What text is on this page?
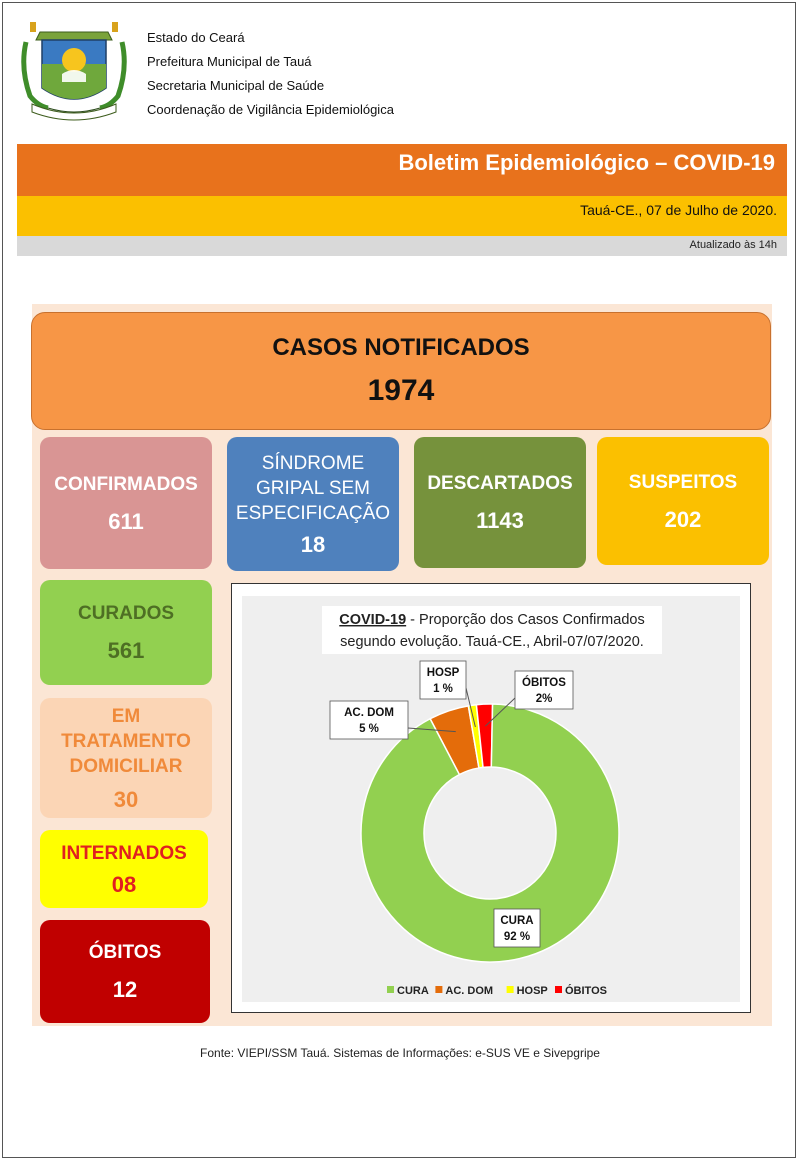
Estado do Ceará
Prefeitura Municipal de Tauá
Secretaria Municipal de Saúde
Coordenação de Vigilância Epidemiológica
Boletim Epidemiológico – COVID-19
Tauá-CE., 07 de Julho de 2020.
Atualizado às 14h
CASOS NOTIFICADOS
1974
CONFIRMADOS
611
SÍNDROME GRIPAL SEM ESPECIFICAÇÃO
18
DESCARTADOS
1143
SUSPEITOS
202
CURADOS
561
EM TRATAMENTO DOMICILIAR
30
INTERNADOS
08
ÓBITOS
12
COVID-19 - Proporção dos Casos Confirmados
segundo evolução. Tauá-CE., Abril-07/07/2020.
CURA
92 %
AC. DOM
5 %
HOSP
1 %	ÓBITOS
2%
CURA AC. DOM HOSP ÓBITOS
Fonte: VIEPI/SSM Tauá. Sistemas de Informações: e-SUS VE e Sivepgripe
